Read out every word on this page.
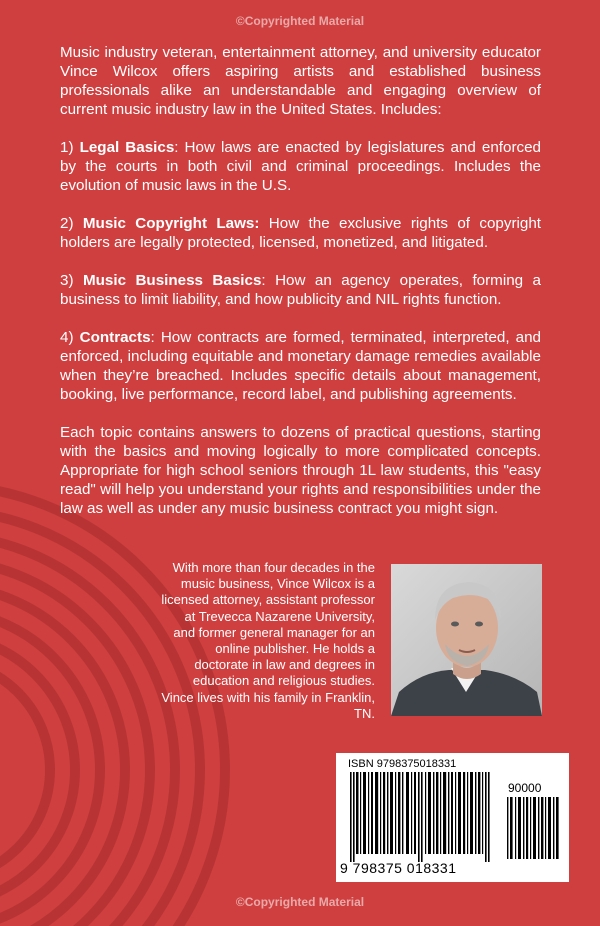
©Copyrighted Material

Music industry veteran, entertainment attorney, and university educator Vince Wilcox offers aspiring artists and established business professionals alike an understandable and engaging overview of current music industry law in the United States. Includes:

1) Legal Basics: How laws are enacted by legislatures and enforced by the courts in both civil and criminal proceedings. Includes the evolution of music laws in the U.S.

2) Music Copyright Laws: How the exclusive rights of copyright holders are legally protected, licensed, monetized, and litigated.

3) Music Business Basics: How an agency operates, forming a business to limit liability, and how publicity and NIL rights function.

4) Contracts: How contracts are formed, terminated, interpreted, and enforced, including equitable and monetary damage remedies available when they’re breached. Includes specific details about management, booking, live performance, record label, and publishing agreements.

Each topic contains answers to dozens of practical questions, starting with the basics and moving logically to more complicated concepts. Appropriate for high school seniors through 1L law students, this "easy read" will help you understand your rights and responsibilities under the law as well as under any music business contract you might sign.

With more than four decades in the music business, Vince Wilcox is a licensed attorney, assistant professor at Trevecca Nazarene University, and former general manager for an online publisher. He holds a doctorate in law and degrees in education and religious studies. Vince lives with his family in Franklin, TN.
ISBN 9798375018331
90000
9 798375 018331
©Copyrighted Material
